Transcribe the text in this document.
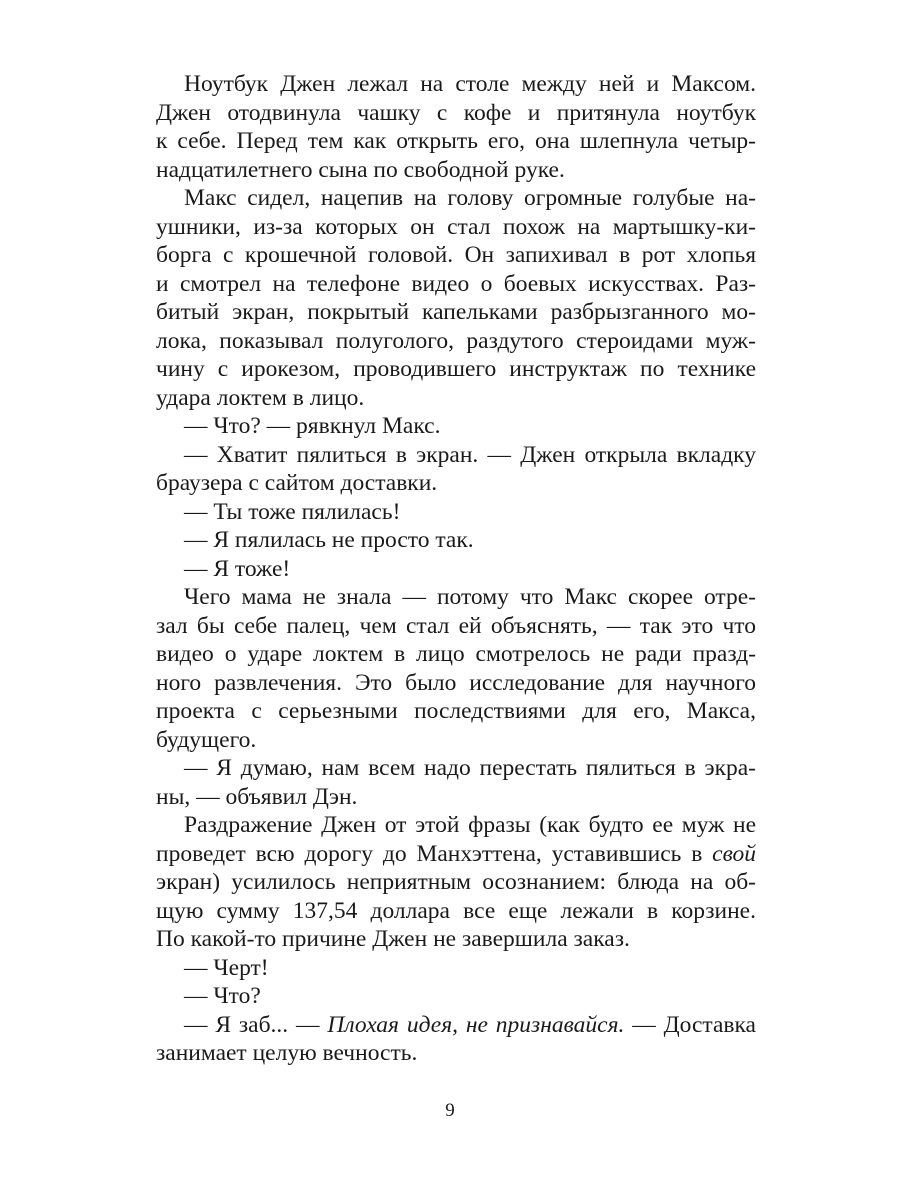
Ноутбук Джен лежал на столе между ней и Максом.
Джен отодвинула чашку с кофе и притянула ноутбук
к себе. Перед тем как открыть его, она шлепнула четыр-
надцатилетнего сына по свободной руке.
Макс сидел, нацепив на голову огромные голубые на-
ушники, из-за которых он стал похож на мартышку-ки-
борга с крошечной головой. Он запихивал в рот хлопья
и смотрел на телефоне видео о боевых искусствах. Раз-
битый экран, покрытый капельками разбрызганного мо-
лока, показывал полуголого, раздутого стероидами муж-
чину с ирокезом, проводившего инструктаж по технике
удара локтем в лицо.
— Что? — рявкнул Макс.
— Хватит пялиться в экран. — Джен открыла вкладку
браузера с сайтом доставки.
— Ты тоже пялилась!
— Я пялилась не просто так.
— Я тоже!
Чего мама не знала — потому что Макс скорее отре-
зал бы себе палец, чем стал ей объяснять, — так это что
видео о ударе локтем в лицо смотрелось не ради празд-
ного развлечения. Это было исследование для научного
проекта с серьезными последствиями для его, Макса,
будущего.
— Я думаю, нам всем надо перестать пялиться в экра-
ны, — объявил Дэн.
Раздражение Джен от этой фразы (как будто ее муж не
проведет всю дорогу до Манхэттена, уставившись в свой
экран) усилилось неприятным осознанием: блюда на об-
щую сумму 137,54 доллара все еще лежали в корзине.
По какой-то причине Джен не завершила заказ.
— Черт!
— Что?
— Я заб... — Плохая идея, не признавайся. — Доставка
занимает целую вечность.
9
